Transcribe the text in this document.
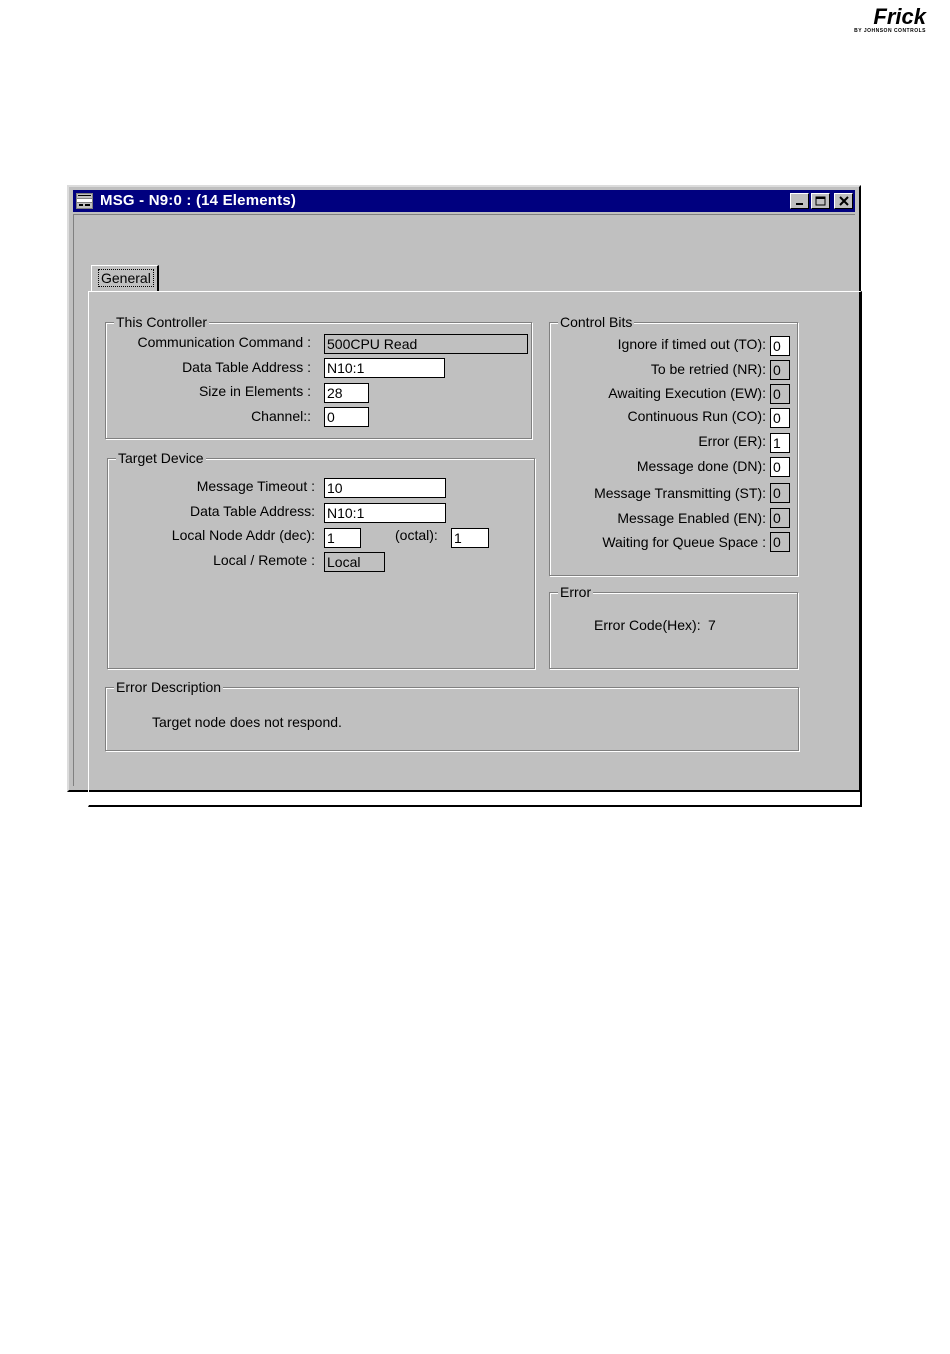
Frick
BY JOHNSON CONTROLS
MSG - N9:0 : (14 Elements)
General
This Controller
Communication Command : 500CPU Read
Data Table Address : N10:1
Size in Elements : 28
Channel:: 0
Target Device
Message Timeout : 10
Data Table Address: N10:1
Local Node Addr (dec): 1	(octal): 1
Local / Remote : Local
Control Bits
Ignore if timed out (TO): 0
To be retried (NR): 0
Awaiting Execution (EW): 0
Continuous Run (CO): 0
Error (ER): 1
Message done (DN): 0
Message Transmitting (ST): 0
Message Enabled (EN): 0
Waiting for Queue Space : 0
Error
Error Code(Hex): 7
Error Description
Target node does not respond.
